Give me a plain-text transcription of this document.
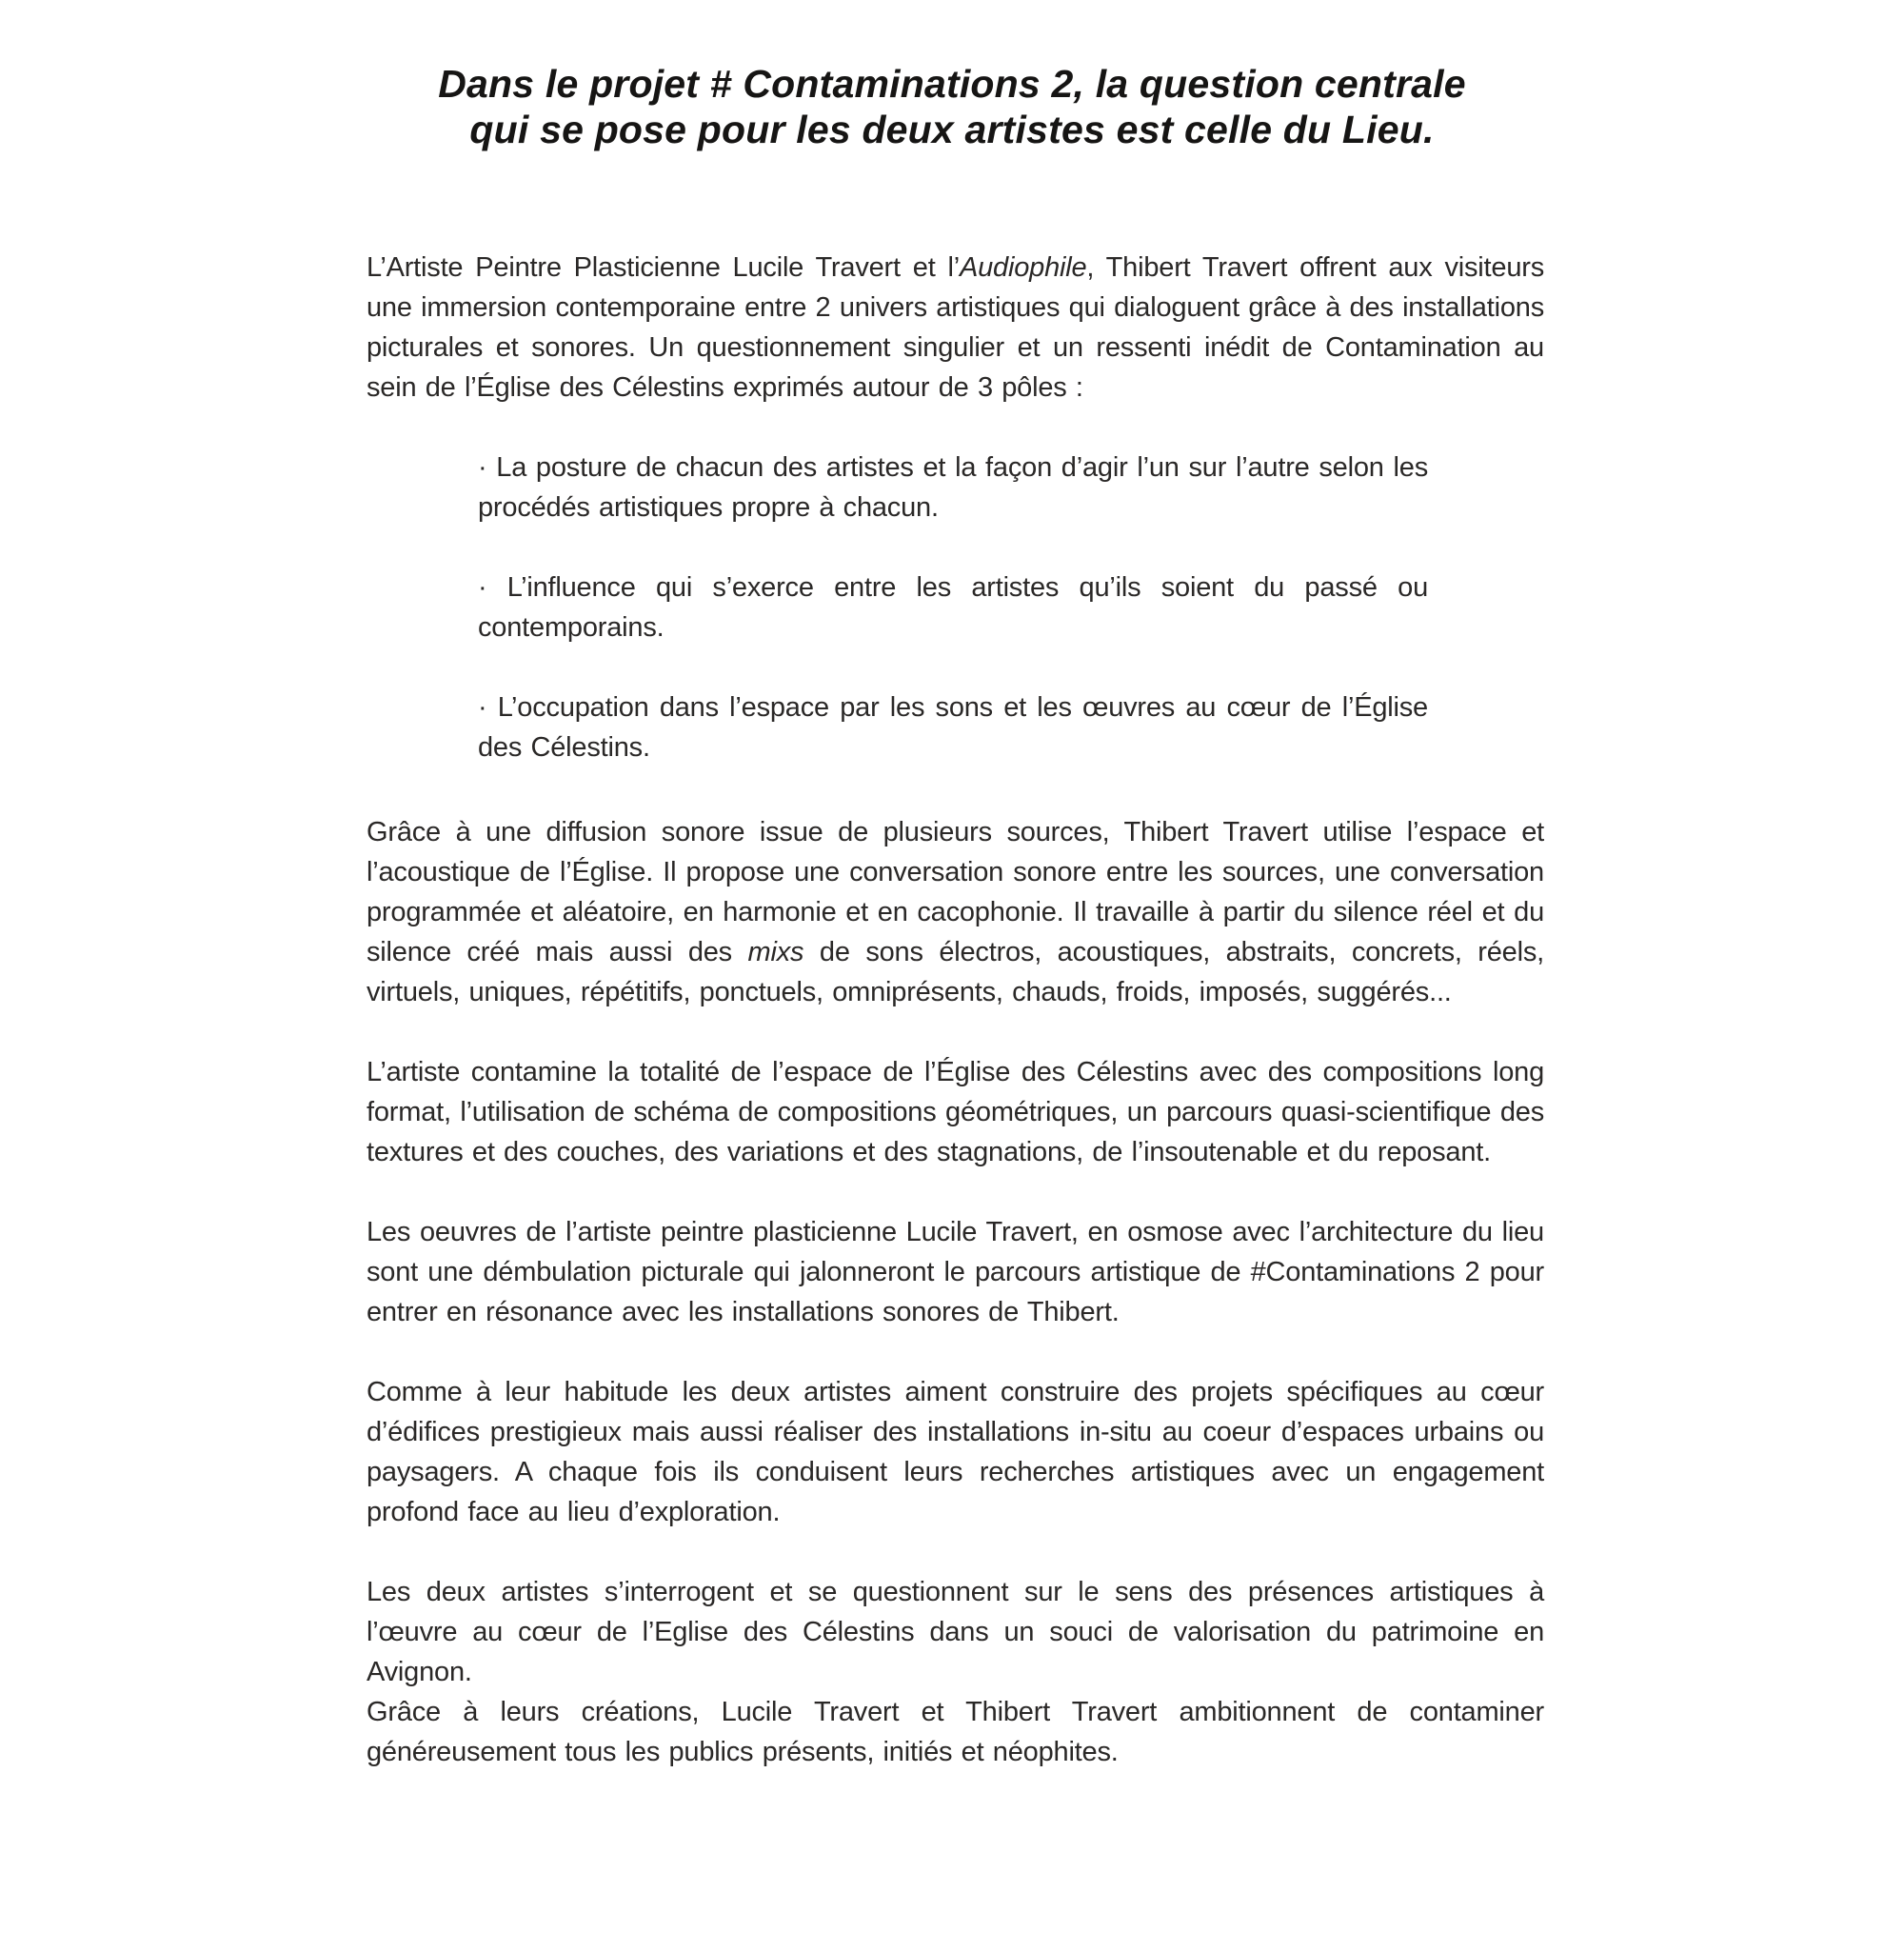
Dans le projet # Contaminations 2, la question centrale
qui se pose pour les deux artistes est celle du Lieu.

L’Artiste Peintre Plasticienne Lucile Travert et l’Audiophile, Thibert Travert offrent aux visiteurs une immersion contemporaine entre 2 univers artistiques qui dialoguent grâce à des installations picturales et sonores. Un questionnement singulier et un ressenti inédit de Contamination au sein de l’Église des Célestins exprimés autour de 3 pôles :

· La posture de chacun des artistes et la façon d’agir l’un sur l’autre selon les procédés artistiques propre à chacun.

· L’influence qui s’exerce entre les artistes qu’ils soient du passé ou contemporains.

· L’occupation dans l’espace par les sons et les œuvres au cœur de l’Église des Célestins.

Grâce à une diffusion sonore issue de plusieurs sources, Thibert Travert utilise l’espace et l’acoustique de l’Église. Il propose une conversation sonore entre les sources, une conversation programmée et aléatoire, en harmonie et en cacophonie. Il travaille à partir du silence réel et du silence créé mais aussi des mixs de sons électros, acoustiques, abstraits, concrets, réels, virtuels, uniques, répétitifs, ponctuels, omniprésents, chauds, froids, imposés, suggérés...

L’artiste contamine la totalité de l’espace de l’Église des Célestins avec des compositions long format, l’utilisation de schéma de compositions géométriques, un parcours quasi-scientifique des textures et des couches, des variations et des stagnations, de l’insoutenable et du reposant.

Les oeuvres de l’artiste peintre plasticienne Lucile Travert, en osmose avec l’architecture du lieu sont une démbulation picturale qui jalonneront le parcours artistique de #Contaminations 2 pour entrer en résonance avec les installations sonores de Thibert.

Comme à leur habitude les deux artistes aiment construire des projets spécifiques au cœur d’édifices prestigieux mais aussi réaliser des installations in-situ au coeur d’espaces urbains ou paysagers. A chaque fois ils conduisent leurs recherches artistiques avec un engagement profond face au lieu d’exploration.

Les deux artistes s’interrogent et se questionnent sur le sens des présences artistiques à l’œuvre au cœur de l’Eglise des Célestins dans un souci de valorisation du patrimoine en Avignon.
Grâce à leurs créations, Lucile Travert et Thibert Travert ambitionnent de contaminer généreusement tous les publics présents, initiés et néophites.
